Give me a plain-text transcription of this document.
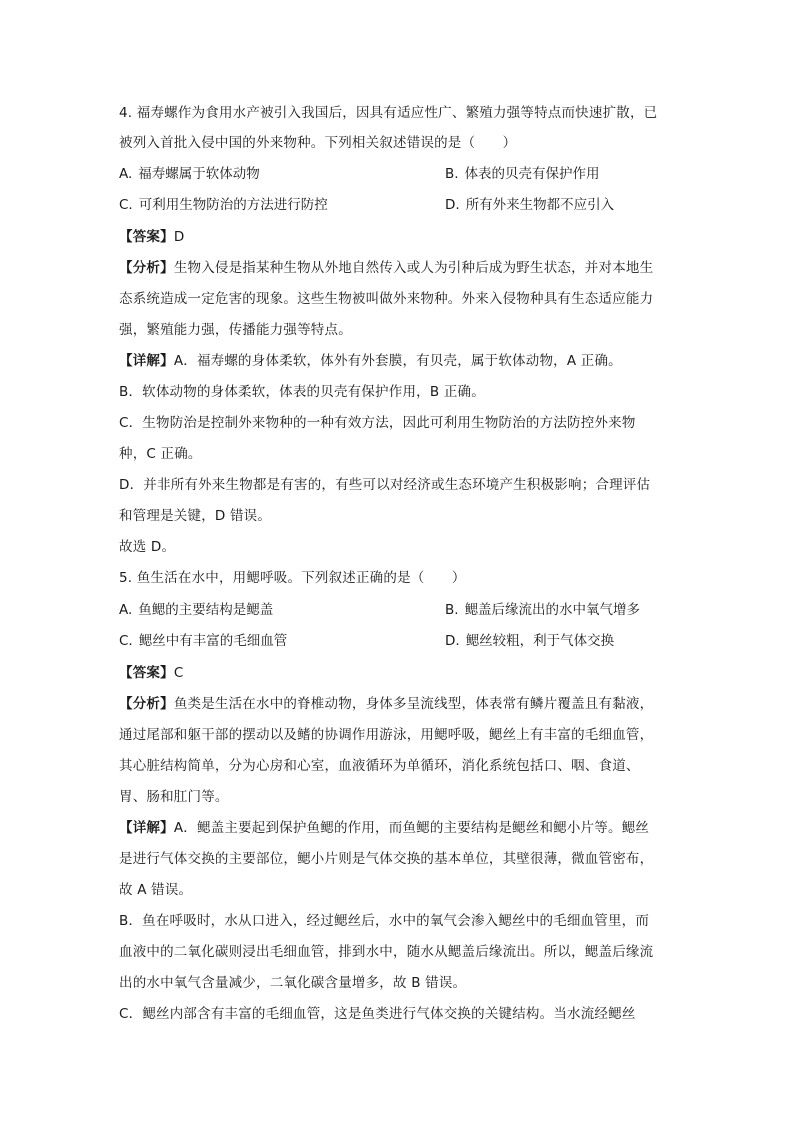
4. 福寿螺作为食用水产被引入我国后，因具有适应性广、繁殖力强等特点而快速扩散，已
被列入首批入侵中国的外来物种。下列相关叙述错误的是（　　）
A. 福寿螺属于软体动物	B. 体表的贝壳有保护作用
C. 可利用生物防治的方法进行防控	D. 所有外来生物都不应引入
【答案】D
【分析】生物入侵是指某种生物从外地自然传入或人为引种后成为野生状态，并对本地生
态系统造成一定危害的现象。这些生物被叫做外来物种。外来入侵物种具有生态适应能力
强，繁殖能力强，传播能力强等特点。
【详解】A．福寿螺的身体柔软，体外有外套膜，有贝壳，属于软体动物，A 正确。
B．软体动物的身体柔软，体表的贝壳有保护作用，B 正确。
C．生物防治是控制外来物种的一种有效方法，因此可利用生物防治的方法防控外来物
种，C 正确。
D．并非所有外来生物都是有害的，有些可以对经济或生态环境产生积极影响；合理评估
和管理是关键，D 错误。
故选 D。
5. 鱼生活在水中，用鳃呼吸。下列叙述正确的是（　　）
A. 鱼鳃的主要结构是鳃盖	B. 鳃盖后缘流出的水中氧气增多
C. 鳃丝中有丰富的毛细血管	D. 鳃丝较粗，利于气体交换
【答案】C
【分析】鱼类是生活在水中的脊椎动物，身体多呈流线型，体表常有鳞片覆盖且有黏液，
通过尾部和躯干部的摆动以及鳍的协调作用游泳，用鳃呼吸，鳃丝上有丰富的毛细血管，
其心脏结构简单，分为心房和心室，血液循环为单循环，消化系统包括口、咽、食道、
胃、肠和肛门等。
【详解】A．鳃盖主要起到保护鱼鳃的作用，而鱼鳃的主要结构是鳃丝和鳃小片等。鳃丝
是进行气体交换的主要部位，鳃小片则是气体交换的基本单位，其壁很薄，微血管密布，
故 A 错误。
B．鱼在呼吸时，水从口进入，经过鳃丝后，水中的氧气会渗入鳃丝中的毛细血管里，而
血液中的二氧化碳则浸出毛细血管，排到水中，随水从鳃盖后缘流出。所以，鳃盖后缘流
出的水中氧气含量减少，二氧化碳含量增多，故 B 错误。
C．鳃丝内部含有丰富的毛细血管，这是鱼类进行气体交换的关键结构。当水流经鳃丝
